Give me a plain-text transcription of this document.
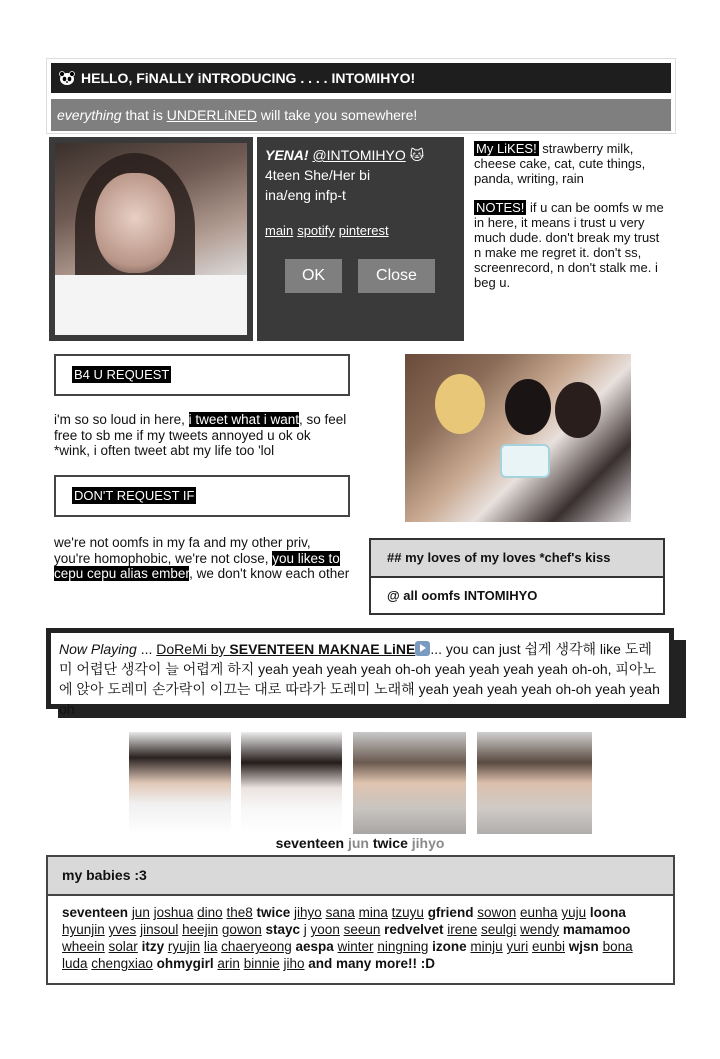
HELLO, FiNALLY iNTRODUCING . . . . INTOMIHYO!
everything that is UNDERLiNED will take you somewhere!
YENA! @INTOMIHYO 🐱
4teen She/Her bi
ina/eng infp-t
main spotify pinterest
OK	Close

My LiKES! strawberry milk, cheese cake, cat, cute things, panda, writing, rain

NOTES! if u can be oomfs w me in here, it means i trust u very much dude. don't break my trust n make me regret it. don't ss, screenrecord, n don't stalk me. i beg u.

B4 U REQUEST

i'm so so loud in here, i tweet what i want, so feel free to sb me if my tweets annoyed u ok ok *wink, i often tweet abt my life too 'lol

DON'T REQUEST IF

we're not oomfs in my fa and my other priv, you're homophobic, we're not close, you likes to cepu cepu alias ember, we don't know each other

## my loves of my loves *chef's kiss
@ all oomfs INTOMIHYO
Now Playing ... DoReMi by SEVENTEEN MAKNAE LiNE ... you can just 쉽게 생각해 like 도레미 어렵단 생각이 늘 어렵게 하지 yeah yeah yeah yeah oh-oh yeah yeah yeah yeah oh-oh, 피아노에 앉아 도레미 손가락이 이끄는 대로 따라가 도레미 노래해 yeah yeah yeah yeah oh-oh yeah yeah oh
seventeen jun twice jihyo
my babies :3
seventeen jun joshua dino the8 twice jihyo sana mina tzuyu gfriend sowon eunha yuju loona hyunjin yves jinsoul heejin gowon stayc j yoon seeun redvelvet irene seulgi wendy mamamoo wheein solar itzy ryujin lia chaeryeong aespa winter ningning izone minju yuri eunbi wjsn bona luda chengxiao ohmygirl arin binnie jiho and many more!! :D
